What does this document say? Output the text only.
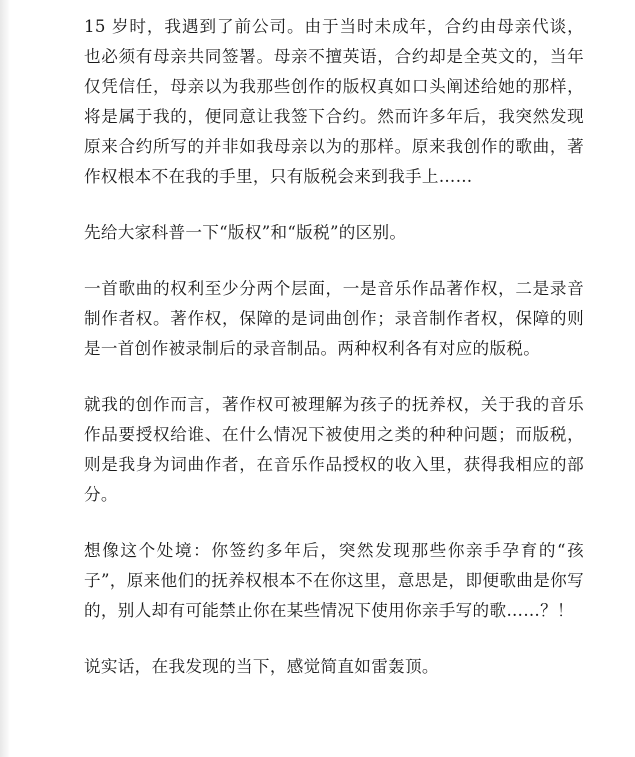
15 岁时，我遇到了前公司。由于当时未成年，合约由母亲代谈，也必须有母亲共同签署。母亲不擅英语，合约却是全英文的，当年仅凭信任，母亲以为我那些创作的版权真如口头阐述给她的那样，将是属于我的，便同意让我签下合约。然而许多年后，我突然发现原来合约所写的并非如我母亲以为的那样。原来我创作的歌曲，著作权根本不在我的手里，只有版税会来到我手上……

先给大家科普一下“版权”和“版税”的区别。

一首歌曲的权利至少分两个层面，一是音乐作品著作权，二是录音制作者权。著作权，保障的是词曲创作；录音制作者权，保障的则是一首创作被录制后的录音制品。两种权利各有对应的版税。

就我的创作而言，著作权可被理解为孩子的抚养权，关于我的音乐作品要授权给谁、在什么情况下被使用之类的种种问题；而版税，则是我身为词曲作者，在音乐作品授权的收入里，获得我相应的部分。

想像这个处境：你签约多年后，突然发现那些你亲手孕育的“孩子”，原来他们的抚养权根本不在你这里，意思是，即便歌曲是你写的，别人却有可能禁止你在某些情况下使用你亲手写的歌……？！

说实话，在我发现的当下，感觉简直如雷轰顶。
